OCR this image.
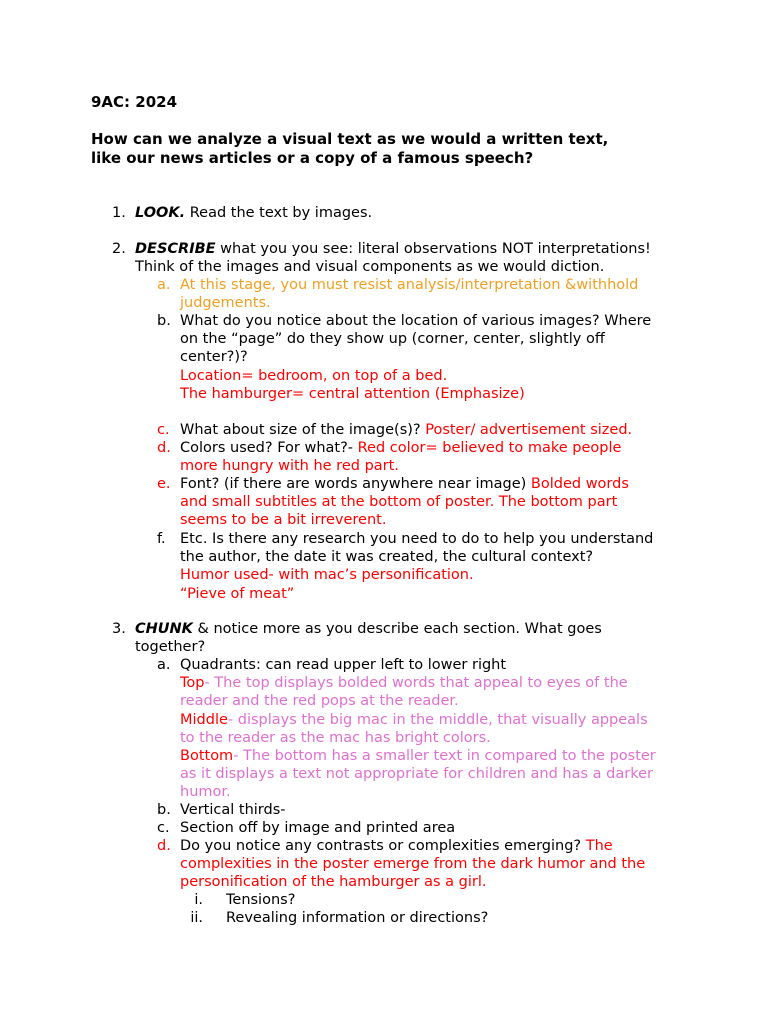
9AC: 2024
How can we analyze a visual text as we would a written text,
like our news articles or a copy of a famous speech?
1. LOOK. Read the text by images.
2. DESCRIBE what you you see: literal observations NOT interpretations!
Think of the images and visual components as we would diction.
a. At this stage, you must resist analysis/interpretation &withhold
judgements.
b. What do you notice about the location of various images? Where
on the “page” do they show up (corner, center, slightly off
center?)?
Location= bedroom, on top of a bed.
The hamburger= central attention (Emphasize)
c. What about size of the image(s)? Poster/ advertisement sized.
d. Colors used? For what?- Red color= believed to make people
more hungry with he red part.
e. Font? (if there are words anywhere near image) Bolded words
and small subtitles at the bottom of poster. The bottom part
seems to be a bit irreverent.
f. Etc. Is there any research you need to do to help you understand
the author, the date it was created, the cultural context?
Humor used- with mac’s personification.
“Pieve of meat”
3. CHUNK & notice more as you describe each section. What goes
together?
a. Quadrants: can read upper left to lower right
Top- The top displays bolded words that appeal to eyes of the
reader and the red pops at the reader.
Middle- displays the big mac in the middle, that visually appeals
to the reader as the mac has bright colors.
Bottom- The bottom has a smaller text in compared to the poster
as it displays a text not appropriate for children and has a darker
humor.
b. Vertical thirds-
c. Section off by image and printed area
d. Do you notice any contrasts or complexities emerging? The
complexities in the poster emerge from the dark humor and the
personification of the hamburger as a girl.
i. Tensions?
ii. Revealing information or directions?
